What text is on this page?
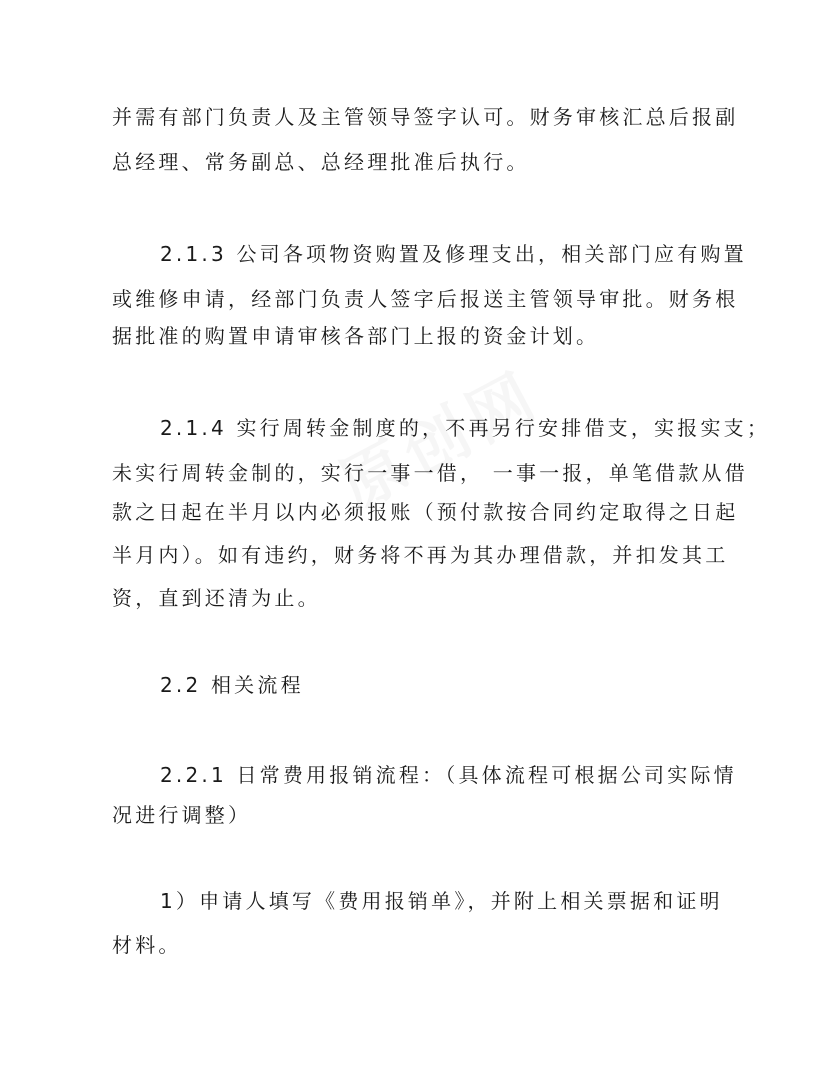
并需有部门负责人及主管领导签字认可。财务审核汇总后报副
总经理、常务副总、总经理批准后执行。
2.1.3 公司各项物资购置及修理支出，相关部门应有购置
或维修申请，经部门负责人签字后报送主管领导审批。财务根
据批准的购置申请审核各部门上报的资金计划。
2.1.4 实行周转金制度的，不再另行安排借支，实报实支；
未实行周转金制的，实行一事一借， 一事一报，单笔借款从借
款之日起在半月以内必须报账（预付款按合同约定取得之日起
半月内）。如有违约，财务将不再为其办理借款，并扣发其工
资，直到还清为止。
2.2 相关流程
2.2.1 日常费用报销流程：（具体流程可根据公司实际情
况进行调整）
1）申请人填写《费用报销单》，并附上相关票据和证明
材料。
